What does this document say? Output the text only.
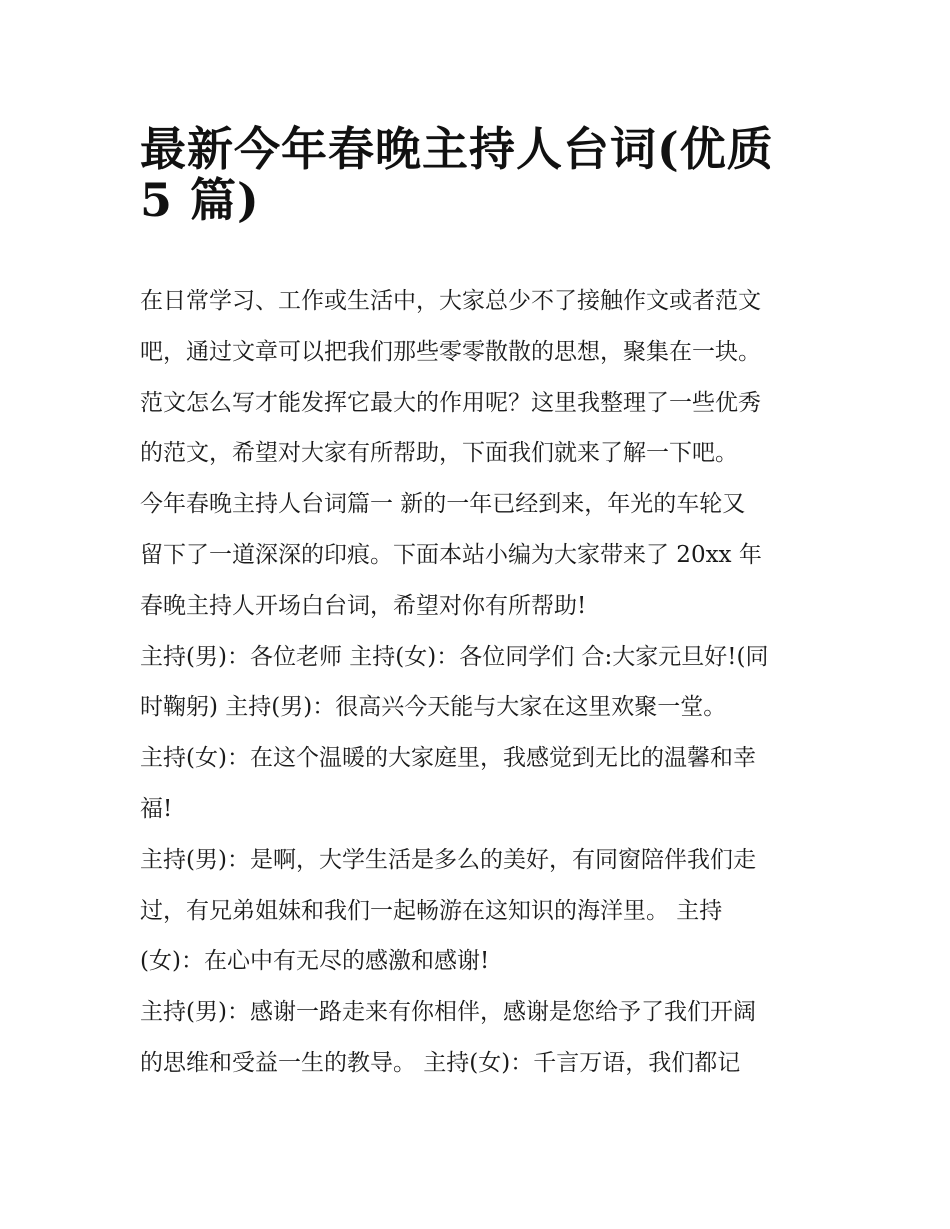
最新今年春晚主持人台词(优质
5 篇)

在日常学习、工作或生活中，大家总少不了接触作文或者范文
吧，通过文章可以把我们那些零零散散的思想，聚集在一块。
范文怎么写才能发挥它最大的作用呢？这里我整理了一些优秀
的范文，希望对大家有所帮助，下面我们就来了解一下吧。

今年春晚主持人台词篇一 新的一年已经到来，年光的车轮又
留下了一道深深的印痕。下面本站小编为大家带来了 20xx 年
春晚主持人开场白台词，希望对你有所帮助!

主持(男)：各位老师 主持(女)：各位同学们 合:大家元旦好!(同
时鞠躬) 主持(男)：很高兴今天能与大家在这里欢聚一堂。

主持(女)：在这个温暖的大家庭里，我感觉到无比的温馨和幸
福!

主持(男)：是啊，大学生活是多么的美好，有同窗陪伴我们走
过，有兄弟姐妹和我们一起畅游在这知识的海洋里。 主持
(女)：在心中有无尽的感激和感谢!

主持(男)：感谢一路走来有你相伴，感谢是您给予了我们开阔
的思维和受益一生的教导。 主持(女)：千言万语，我们都记
